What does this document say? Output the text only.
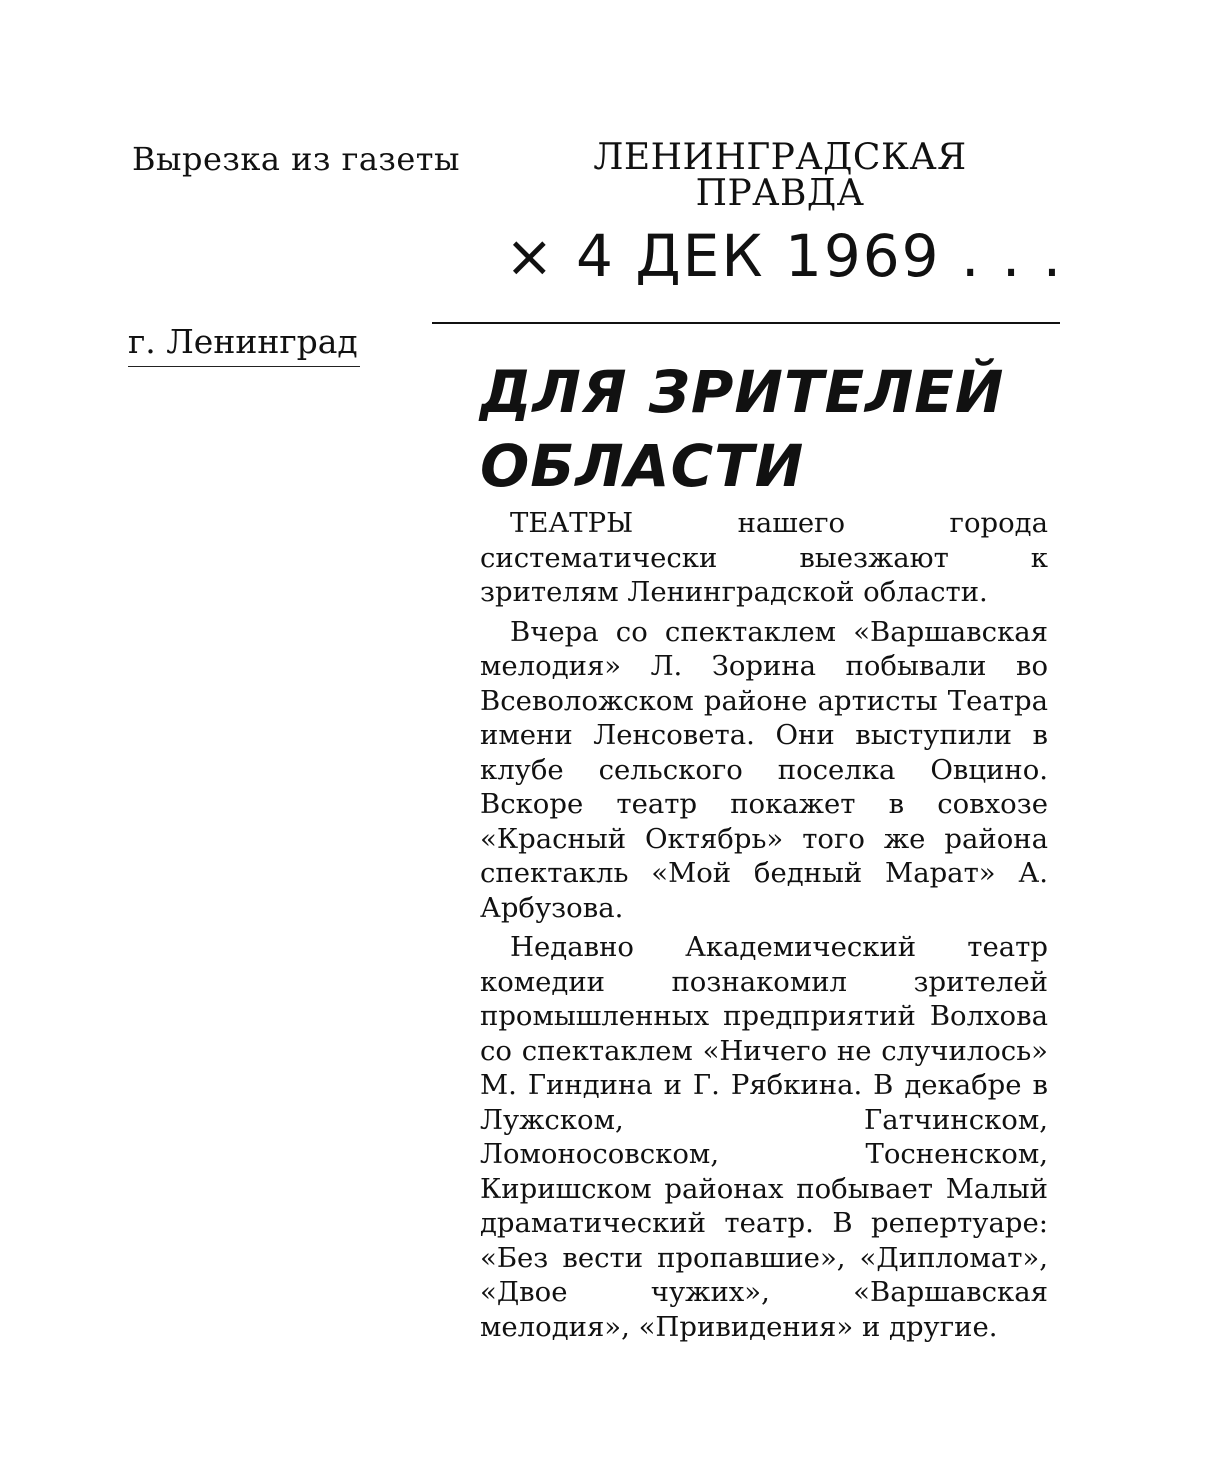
Вырезка из газеты	ЛЕНИНГРАДСКАЯ
ПРАВДА
× 4 ДЕК 1969 . . .
г. Ленинград
ДЛЯ ЗРИТЕЛЕЙ
ОБЛАСТИ

ТЕАТРЫ нашего города систематически выезжают к зрителям Ленинградской области.

Вчера со спектаклем «Варшавская мелодия» Л. Зорина побывали во Всеволожском районе артисты Театра имени Ленсовета. Они выступили в клубе сельского поселка Овцино. Вскоре театр покажет в совхозе «Красный Октябрь» того же района спектакль «Мой бедный Марат» А. Арбузова.

Недавно Академический театр комедии познакомил зрителей промышленных предприятий Волхова со спектаклем «Ничего не случилось» М. Гиндина и Г. Рябкина. В декабре в Лужском, Гатчинском, Ломоносовском, Тосненском, Киришском районах побывает Малый драматический театр. В репертуаре: «Без вести пропавшие», «Дипломат», «Двое чужих», «Варшавская мелодия», «Привидения» и другие.
